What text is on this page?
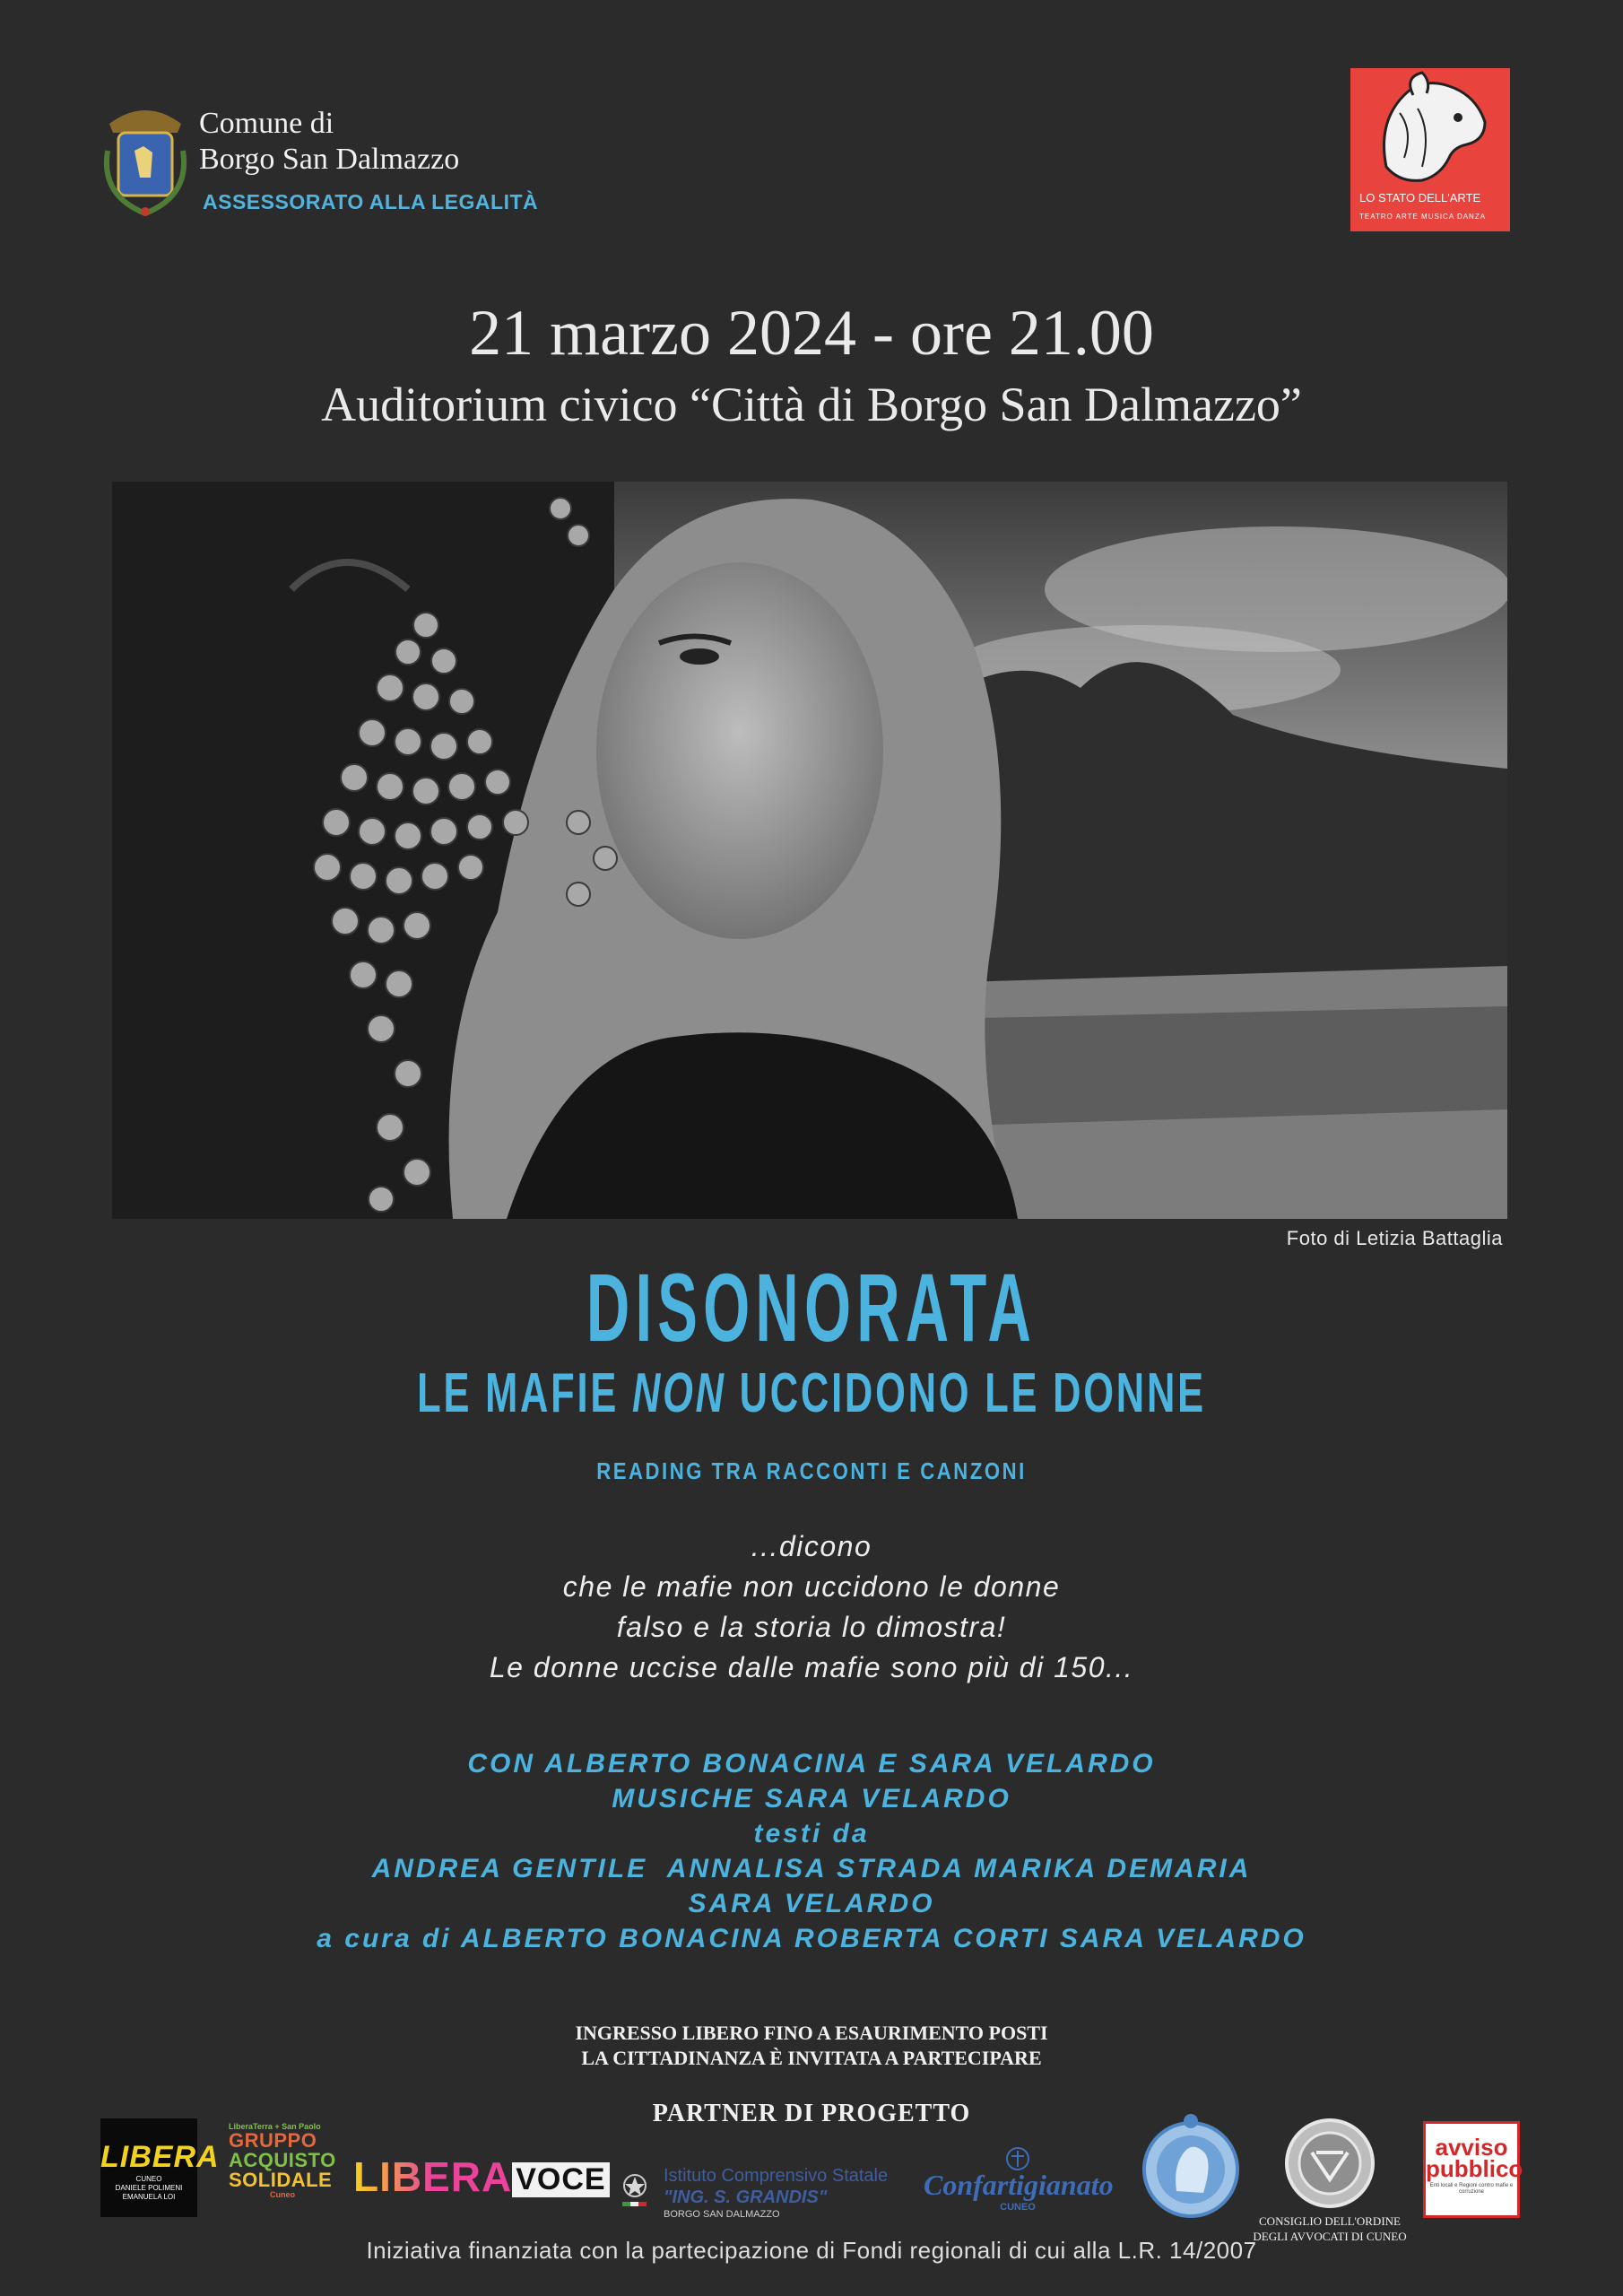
Comune di
Borgo San Dalmazzo
ASSESSORATO ALLA LEGALITÀ	LO STATO DELL'ARTE
TEATRO ARTE MUSICA DANZA
21 marzo 2024 - ore 21.00
Auditorium civico “Città di Borgo San Dalmazzo”
Foto di Letizia Battaglia
DISONORATA
LE MAFIE NON UCCIDONO LE DONNE
READING TRA RACCONTI E CANZONI
...dicono
che le mafie non uccidono le donne
falso e la storia lo dimostra!
Le donne uccise dalle mafie sono più di 150...
CON ALBERTO BONACINA E SARA VELARDO
MUSICHE SARA VELARDO
testi da
ANDREA GENTILE  ANNALISA STRADA MARIKA DEMARIA
SARA VELARDO
a cura di ALBERTO BONACINA ROBERTA CORTI SARA VELARDO
INGRESSO LIBERO FINO A ESAURIMENTO POSTI
LA CITTADINANZA È INVITATA A PARTECIPARE
PARTNER DI PROGETTO
LIBERA
CUNEO
DANIELE POLIMENI
EMANUELA LOI
LiberaTerra + San Paolo
GRUPPO
ACQUISTO
SOLIDALE
Cuneo	LIBERA VOCE	Istituto Comprensivo Statale
"ING. S. GRANDIS"
BORGO SAN DALMAZZO
Confartigianato
CUNEO
CONSIGLIO DELL'ORDINE
DEGLI AVVOCATI DI CUNEO
avviso
pubblico
Enti locali e Regioni contro mafie e corruzione
Iniziativa finanziata con la partecipazione di Fondi regionali di cui alla L.R. 14/2007
